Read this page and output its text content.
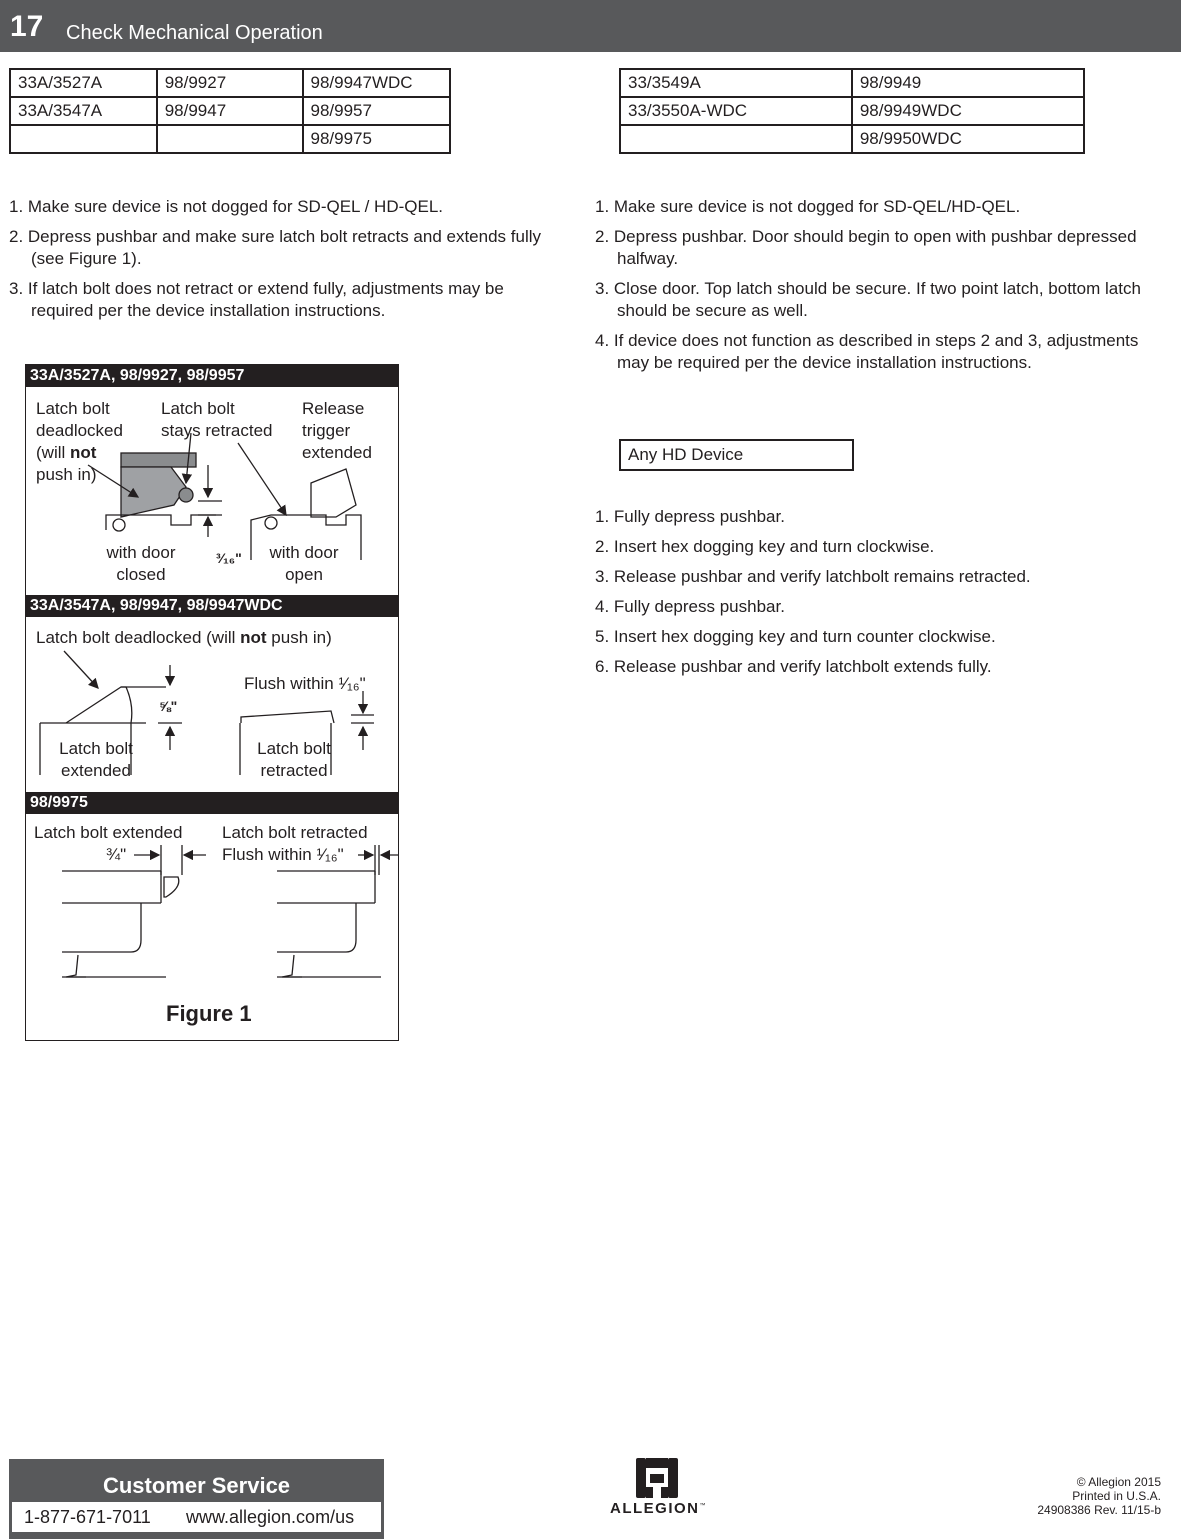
17 Check Mechanical Operation
33A/3527A	98/9927	98/9947WDC
33A/3547A	98/9947	98/9957
		98/9975
33/3549A	98/9949
33/3550A-WDC	98/9949WDC
	98/9950WDC
1. Make sure device is not dogged for SD-QEL / HD-QEL.
2. Depress pushbar and make sure latch bolt retracts and extends fully (see Figure 1).
3. If latch bolt does not retract or extend fully, adjustments may be required per the device installation instructions.
1. Make sure device is not dogged for SD-QEL/HD-QEL.
2. Depress pushbar. Door should begin to open with pushbar depressed halfway.
3. Close door. Top latch should be secure. If two point latch, bottom latch should be secure as well.
4. If device does not function as described in steps 2 and 3, adjustments may be required per the device installation instructions.
Any HD Device
1. Fully depress pushbar.
2. Insert hex dogging key and turn clockwise.
3. Release pushbar and verify latchbolt remains retracted.
4. Fully depress pushbar.
5. Insert hex dogging key and turn counter clockwise.
6. Release pushbar and verify latchbolt extends fully.
33A/3527A, 98/9927, 98/9957
Latch bolt
deadlocked
(will not
push in)
Latch bolt
stays retracted
Release
trigger
extended
with door
closed
³⁄₁₆"	with door
open
33A/3547A, 98/9947, 98/9947WDC
Latch bolt deadlocked (will not push in)
Flush within ¹⁄₁₆"
⅝"
Latch bolt
extended
Latch bolt
retracted
98/9975
Latch bolt extended Latch bolt retracted
¾"	Flush within ¹⁄₁₆"
Figure 1
Customer Service
1-877-671-7011 www.allegion.com/us	ALLEGION™
© Allegion 2015
Printed in U.S.A.
24908386 Rev. 11/15-b
